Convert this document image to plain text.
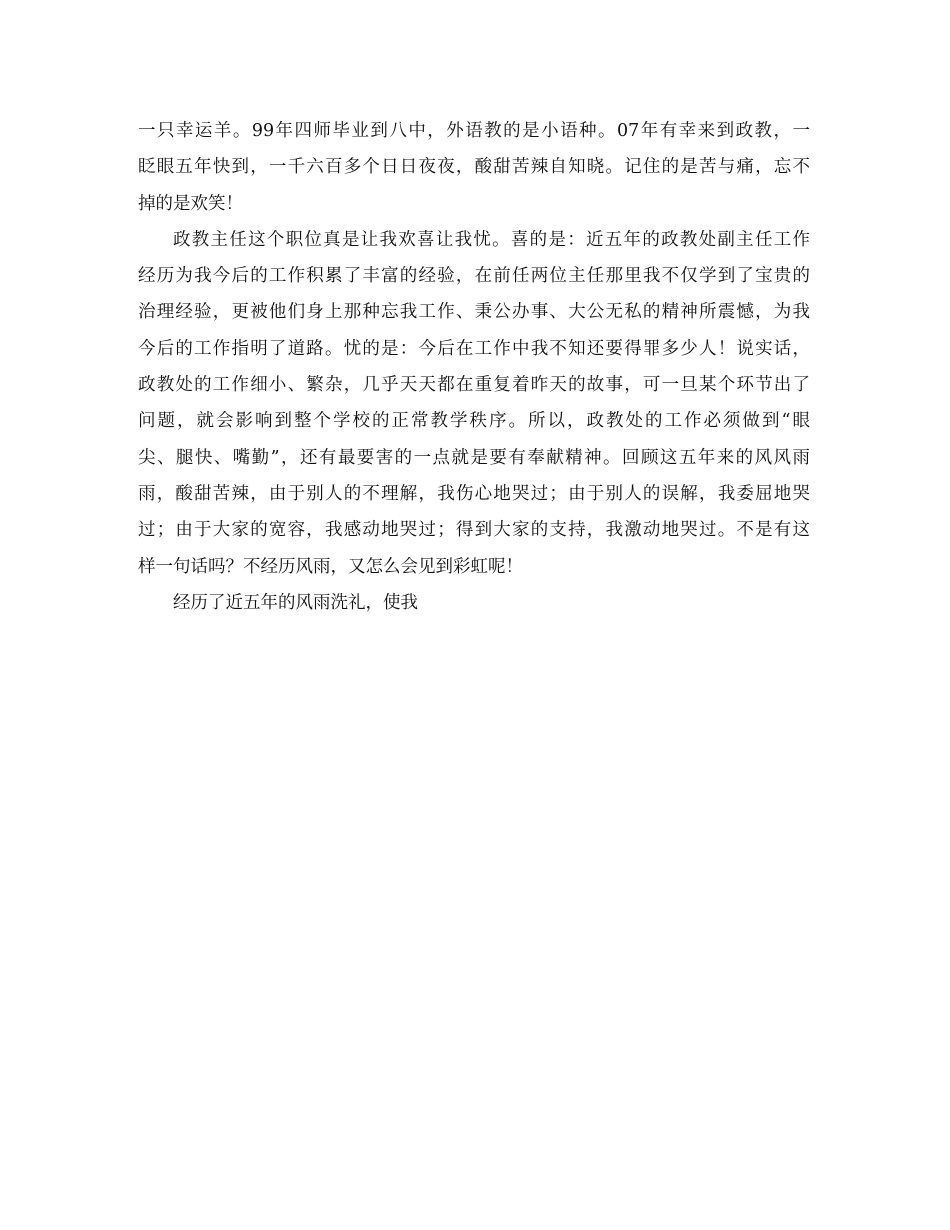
一只幸运羊。99年四师毕业到八中，外语教的是小语种。07年有幸来到政教，一
眨眼五年快到，一千六百多个日日夜夜，酸甜苦辣自知晓。记住的是苦与痛，忘不
掉的是欢笑！
政教主任这个职位真是让我欢喜让我忧。喜的是：近五年的政教处副主任工作
经历为我今后的工作积累了丰富的经验，在前任两位主任那里我不仅学到了宝贵的
治理经验，更被他们身上那种忘我工作、秉公办事、大公无私的精神所震憾，为我
今后的工作指明了道路。忧的是：今后在工作中我不知还要得罪多少人！说实话，
政教处的工作细小、繁杂，几乎天天都在重复着昨天的故事，可一旦某个环节出了
问题，就会影响到整个学校的正常教学秩序。所以，政教处的工作必须做到“眼
尖、腿快、嘴勤”，还有最要害的一点就是要有奉献精神。回顾这五年来的风风雨
雨，酸甜苦辣，由于别人的不理解，我伤心地哭过；由于别人的误解，我委屈地哭
过；由于大家的宽容，我感动地哭过；得到大家的支持，我激动地哭过。不是有这
样一句话吗？不经历风雨，又怎么会见到彩虹呢！
经历了近五年的风雨洗礼，使我
